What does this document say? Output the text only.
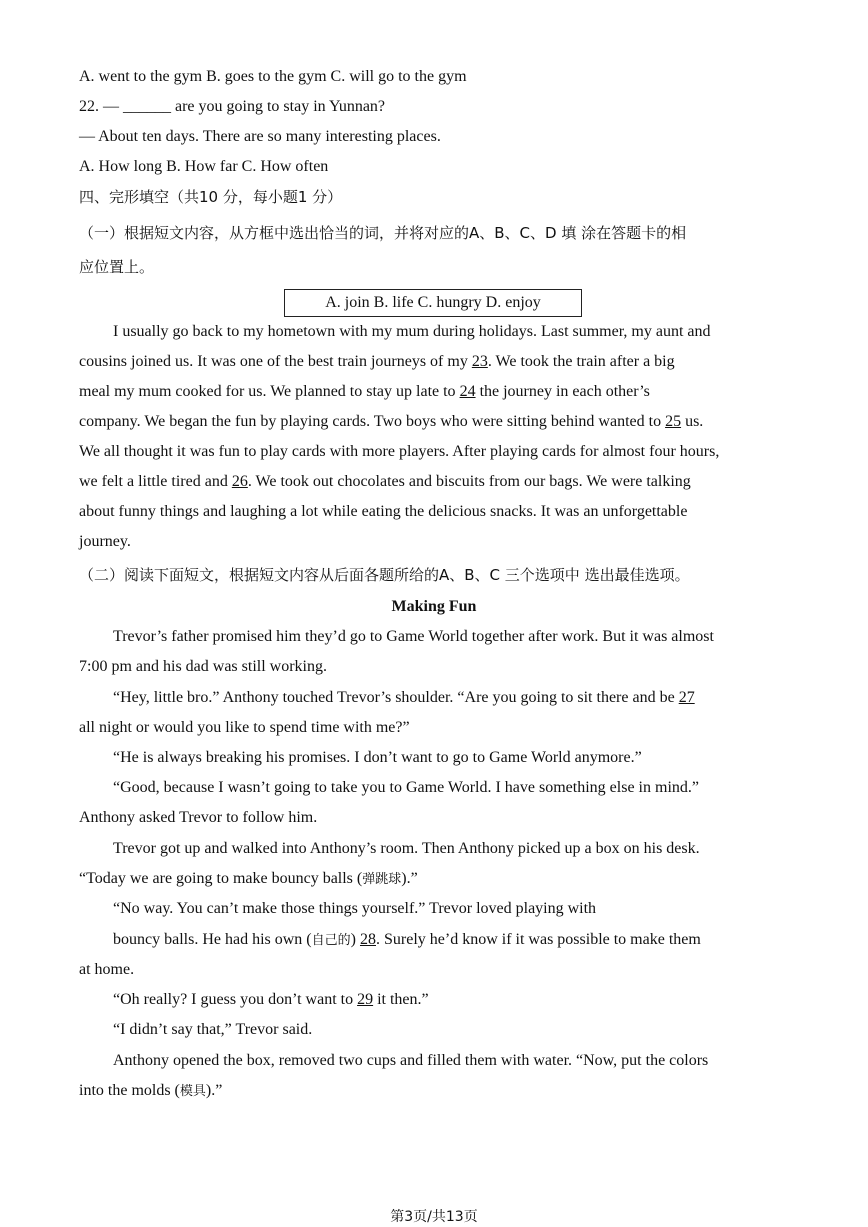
A. went to the gym B. goes to the gym C. will go to the gym
22. — ______ are you going to stay in Yunnan?
— About ten days. There are so many interesting places.
A. How long B. How far C. How often
四、完形填空（共10 分，每小题1 分）
（一）根据短文内容，从方框中选出恰当的词，并将对应的A、B、C、D 填 涂在答题卡的相
应位置上。
A. join B. life C. hungry D. enjoy
I usually go back to my hometown with my mum during holidays. Last summer, my aunt and
cousins joined us. It was one of the best train journeys of my 23. We took the train after a big
meal my mum cooked for us. We planned to stay up late to 24 the journey in each other’s
company. We began the fun by playing cards. Two boys who were sitting behind wanted to 25 us.
We all thought it was fun to play cards with more players. After playing cards for almost four hours,
we felt a little tired and 26. We took out chocolates and biscuits from our bags. We were talking
about funny things and laughing a lot while eating the delicious snacks. It was an unforgettable
journey.
（二）阅读下面短文，根据短文内容从后面各题所给的A、B、C 三个选项中 选出最佳选项。
Making Fun
Trevor’s father promised him they’d go to Game World together after work. But it was almost
7:00 pm and his dad was still working.
“Hey, little bro.” Anthony touched Trevor’s shoulder. “Are you going to sit there and be 27
all night or would you like to spend time with me?”
“He is always breaking his promises. I don’t want to go to Game World anymore.”
“Good, because I wasn’t going to take you to Game World. I have something else in mind.”
Anthony asked Trevor to follow him.
Trevor got up and walked into Anthony’s room. Then Anthony picked up a box on his desk.
“Today we are going to make bouncy balls (弹跳球).”
“No way. You can’t make those things yourself.” Trevor loved playing with
bouncy balls. He had his own (自己的) 28. Surely he’d know if it was possible to make them
at home.
“Oh really? I guess you don’t want to 29 it then.”
“I didn’t say that,” Trevor said.
Anthony opened the box, removed two cups and filled them with water. “Now, put the colors
into the molds (模具).”
第3页/共13页
